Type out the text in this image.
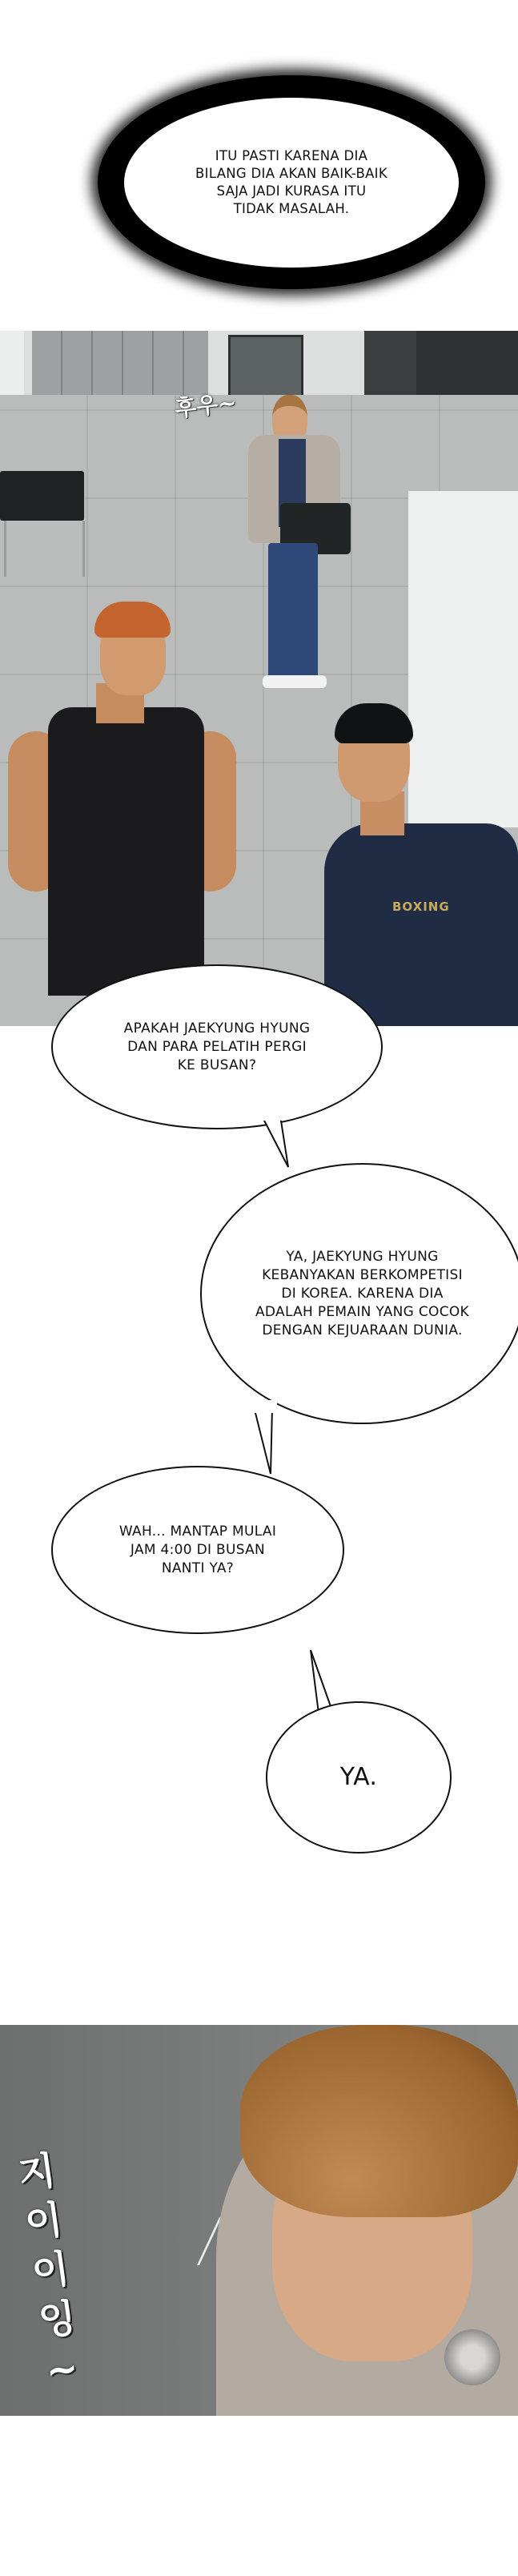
ITU PASTI KARENA DIA
BILANG DIA AKAN BAIK-BAIK
SAJA JADI KURASA ITU
TIDAK MASALAH.
후우~
BOXING
APAKAH JAEKYUNG HYUNG
DAN PARA PELATIH PERGI
KE BUSAN?
YA, JAEKYUNG HYUNG
KEBANYAKAN BERKOMPETISI
DI KOREA. KARENA DIA
ADALAH PEMAIN YANG COCOK
DENGAN KEJUARAAN DUNIA.
WAH... MANTAP MULAI
JAM 4:00 DI BUSAN
NANTI YA?
YA.
지이이잉~
